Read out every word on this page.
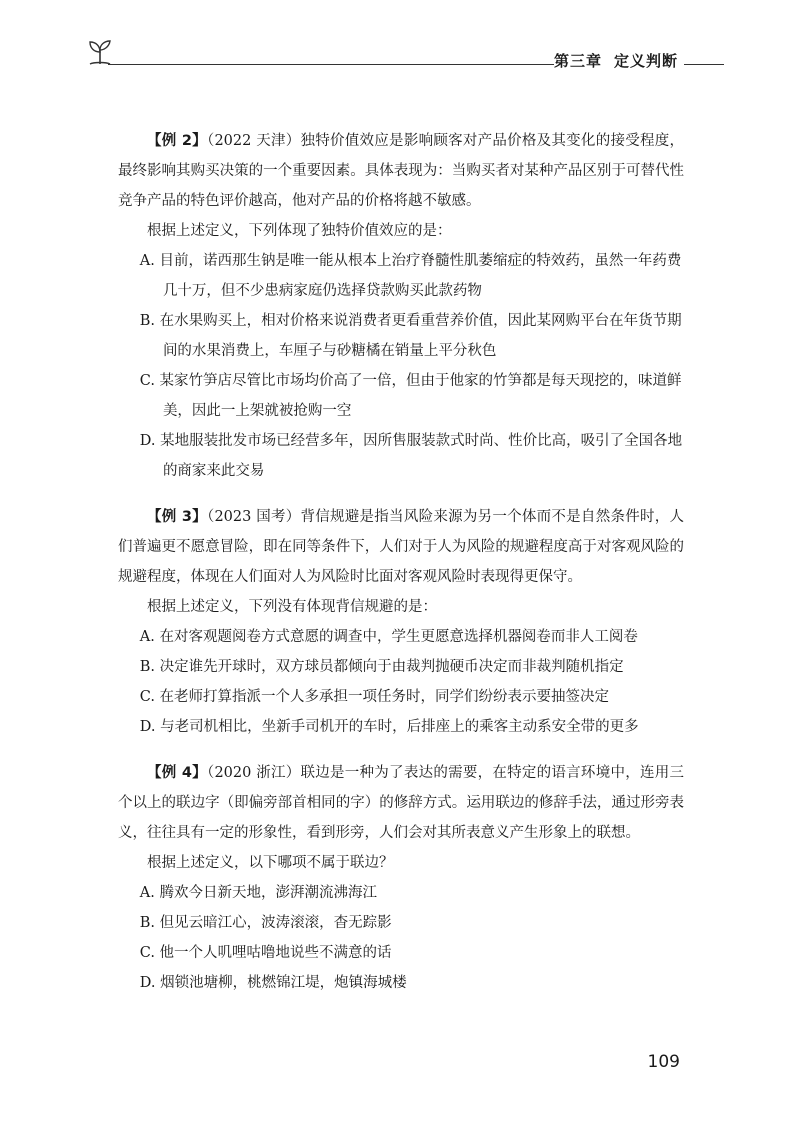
第三章 定义判断

【例 2】（2022 天津）独特价值效应是影响顾客对产品价格及其变化的接受程度，最终影响其购买决策的一个重要因素。具体表现为：当购买者对某种产品区别于可替代性竞争产品的特色评价越高，他对产品的价格将越不敏感。

根据上述定义，下列体现了独特价值效应的是：

A. 目前，诺西那生钠是唯一能从根本上治疗脊髓性肌萎缩症的特效药，虽然一年药费几十万，但不少患病家庭仍选择贷款购买此款药物
B. 在水果购买上，相对价格来说消费者更看重营养价值，因此某网购平台在年货节期间的水果消费上，车厘子与砂糖橘在销量上平分秋色
C. 某家竹笋店尽管比市场均价高了一倍，但由于他家的竹笋都是每天现挖的，味道鲜美，因此一上架就被抢购一空
D. 某地服装批发市场已经营多年，因所售服装款式时尚、性价比高，吸引了全国各地的商家来此交易

【例 3】（2023 国考）背信规避是指当风险来源为另一个体而不是自然条件时，人们普遍更不愿意冒险，即在同等条件下，人们对于人为风险的规避程度高于对客观风险的规避程度，体现在人们面对人为风险时比面对客观风险时表现得更保守。

根据上述定义，下列没有体现背信规避的是：

A. 在对客观题阅卷方式意愿的调查中，学生更愿意选择机器阅卷而非人工阅卷
B. 决定谁先开球时，双方球员都倾向于由裁判抛硬币决定而非裁判随机指定
C. 在老师打算指派一个人多承担一项任务时，同学们纷纷表示要抽签决定
D. 与老司机相比，坐新手司机开的车时，后排座上的乘客主动系安全带的更多

【例 4】（2020 浙江）联边是一种为了表达的需要，在特定的语言环境中，连用三个以上的联边字（即偏旁部首相同的字）的修辞方式。运用联边的修辞手法，通过形旁表义，往往具有一定的形象性，看到形旁，人们会对其所表意义产生形象上的联想。

根据上述定义，以下哪项不属于联边？

A. 腾欢今日新天地，澎湃潮流沸海江
B. 但见云暗江心，波涛滚滚，杳无踪影
C. 他一个人叽哩咕噜地说些不满意的话
D. 烟锁池塘柳，桃燃锦江堤，炮镇海城楼
109
